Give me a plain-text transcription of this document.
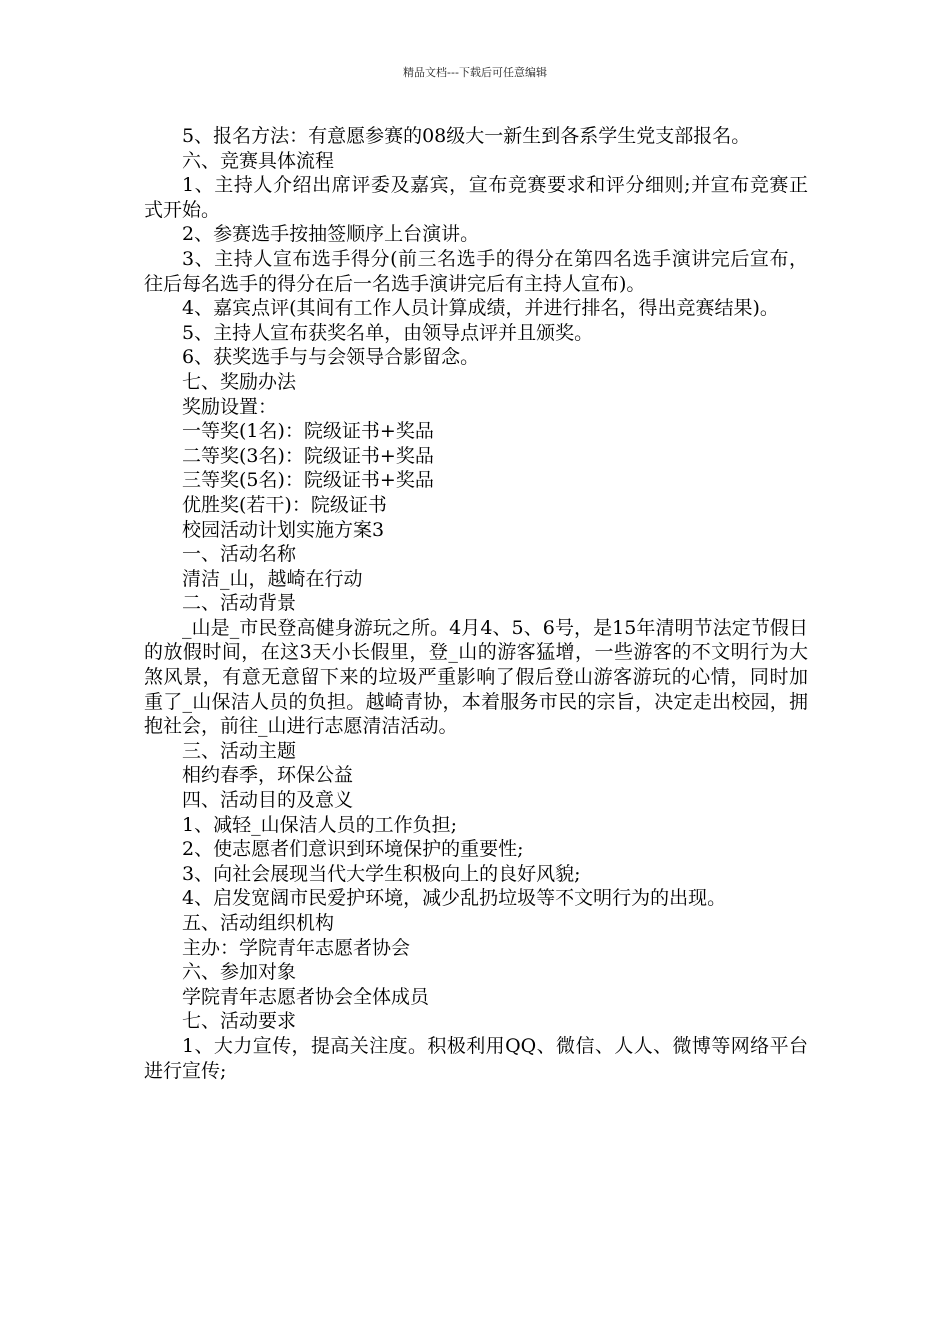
精品文档---下载后可任意编辑

5、报名方法：有意愿参赛的08级大一新生到各系学生党支部报名。

六、竞赛具体流程

1、主持人介绍出席评委及嘉宾，宣布竞赛要求和评分细则;并宣布竞赛正式开始。

2、参赛选手按抽签顺序上台演讲。

3、主持人宣布选手得分(前三名选手的得分在第四名选手演讲完后宣布，往后每名选手的得分在后一名选手演讲完后有主持人宣布)。

4、嘉宾点评(其间有工作人员计算成绩，并进行排名，得出竞赛结果)。

5、主持人宣布获奖名单，由领导点评并且颁奖。

6、获奖选手与与会领导合影留念。

七、奖励办法

奖励设置：

一等奖(1名)：院级证书+奖品

二等奖(3名)：院级证书+奖品

三等奖(5名)：院级证书+奖品

优胜奖(若干)：院级证书

校园活动计划实施方案3

一、活动名称

清洁_山，越崎在行动

二、活动背景

_山是_市民登高健身游玩之所。4月4、5、6号，是15年清明节法定节假日的放假时间，在这3天小长假里，登_山的游客猛增，一些游客的不文明行为大煞风景，有意无意留下来的垃圾严重影响了假后登山游客游玩的心情，同时加重了_山保洁人员的负担。越崎青协，本着服务市民的宗旨，决定走出校园，拥抱社会，前往_山进行志愿清洁活动。

三、活动主题

相约春季，环保公益

四、活动目的及意义

1、减轻_山保洁人员的工作负担;

2、使志愿者们意识到环境保护的重要性;

3、向社会展现当代大学生积极向上的良好风貌;

4、启发宽阔市民爱护环境，减少乱扔垃圾等不文明行为的出现。

五、活动组织机构

主办：学院青年志愿者协会

六、参加对象

学院青年志愿者协会全体成员

七、活动要求

1、大力宣传，提高关注度。积极利用QQ、微信、人人、微博等网络平台进行宣传;
